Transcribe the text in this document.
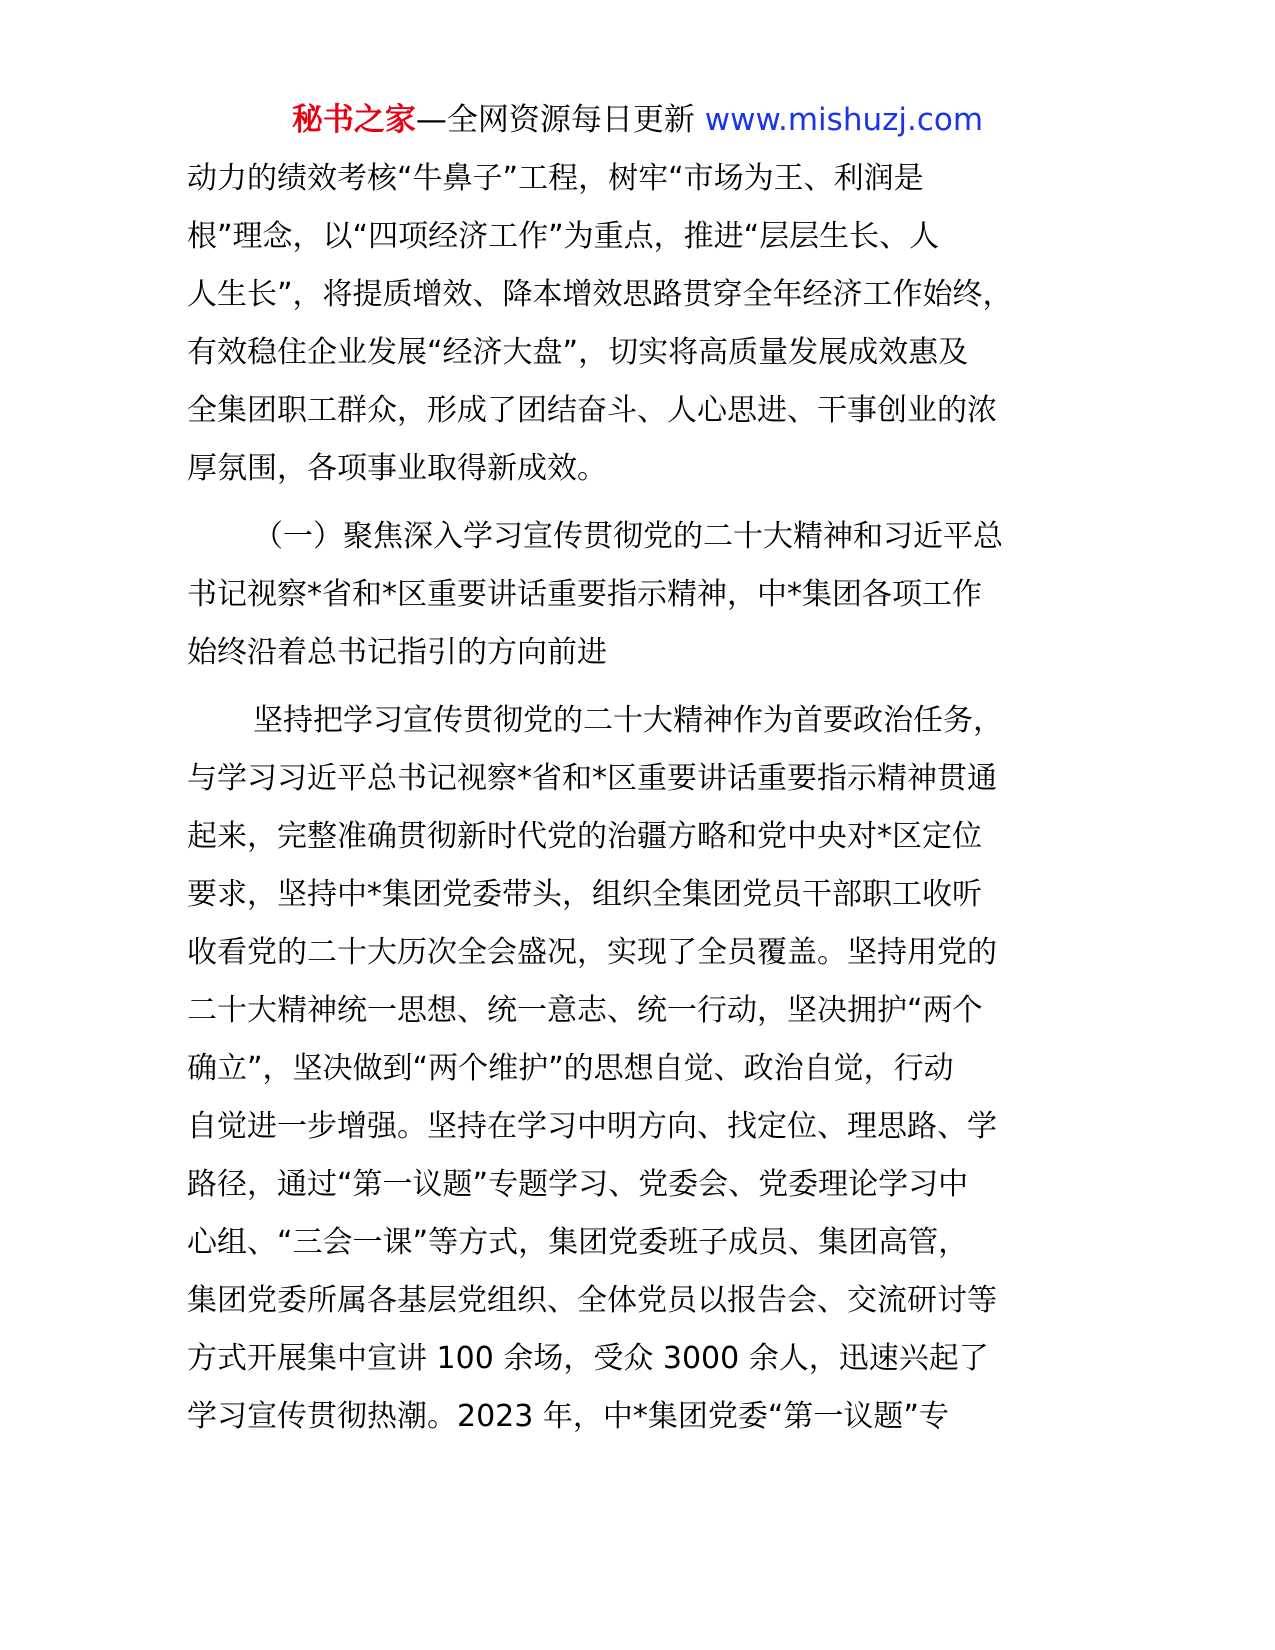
秘书之家—全网资源每日更新 www.mishuzj.com

动力的绩效考核“牛鼻子”工程，树牢“市场为王、利润是
根”理念，以“四项经济工作”为重点，推进“层层生长、人
人生长”，将提质增效、降本增效思路贯穿全年经济工作始终，
有效稳住企业发展“经济大盘”，切实将高质量发展成效惠及
全集团职工群众，形成了团结奋斗、人心思进、干事创业的浓
厚氛围，各项事业取得新成效。

（一）聚焦深入学习宣传贯彻党的二十大精神和习近平总
书记视察*省和*区重要讲话重要指示精神，中*集团各项工作
始终沿着总书记指引的方向前进

坚持把学习宣传贯彻党的二十大精神作为首要政治任务，
与学习习近平总书记视察*省和*区重要讲话重要指示精神贯通
起来，完整准确贯彻新时代党的治疆方略和党中央对*区定位
要求，坚持中*集团党委带头，组织全集团党员干部职工收听
收看党的二十大历次全会盛况，实现了全员覆盖。坚持用党的
二十大精神统一思想、统一意志、统一行动，坚决拥护“两个
确立”，坚决做到“两个维护”的思想自觉、政治自觉，行动
自觉进一步增强。坚持在学习中明方向、找定位、理思路、学
路径，通过“第一议题”专题学习、党委会、党委理论学习中
心组、“三会一课”等方式，集团党委班子成员、集团高管，
集团党委所属各基层党组织、全体党员以报告会、交流研讨等
方式开展集中宣讲 100 余场，受众 3000 余人，迅速兴起了
学习宣传贯彻热潮。2023 年，中*集团党委“第一议题”专
